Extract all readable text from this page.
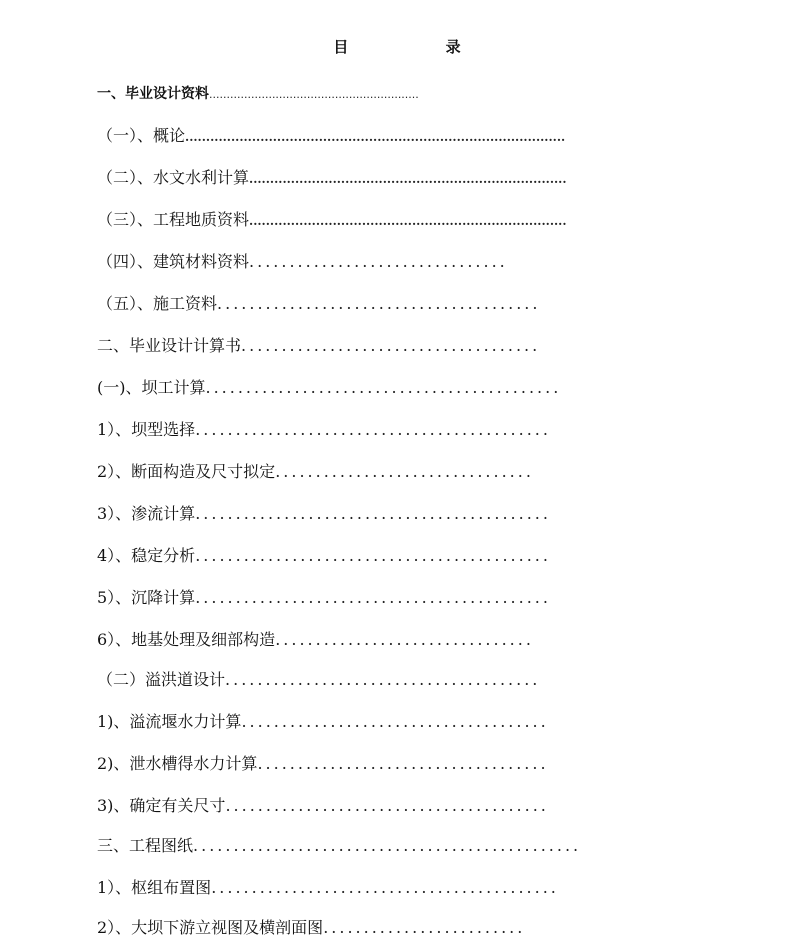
目 录
一、毕业设计资料............................................................
（一）、概论...........................................................................................
（二）、水文水利计算............................................................................
（三）、工程地质资料............................................................................
（四）、建筑材料资料................................
（五）、施工资料........................................
二、毕业设计计算书.....................................
(一)、坝工计算............................................
1）、坝型选择............................................
2）、断面构造及尺寸拟定................................
3）、渗流计算............................................
4）、稳定分析............................................
5）、沉降计算............................................
6）、地基处理及细部构造................................
（二）溢洪道设计.......................................
1)、溢流堰水力计算......................................
2)、泄水槽得水力计算....................................
3)、确定有关尺寸........................................
三、工程图纸................................................
1）、枢组布置图...........................................
2）、大坝下游立视图及横剖面图.........................
